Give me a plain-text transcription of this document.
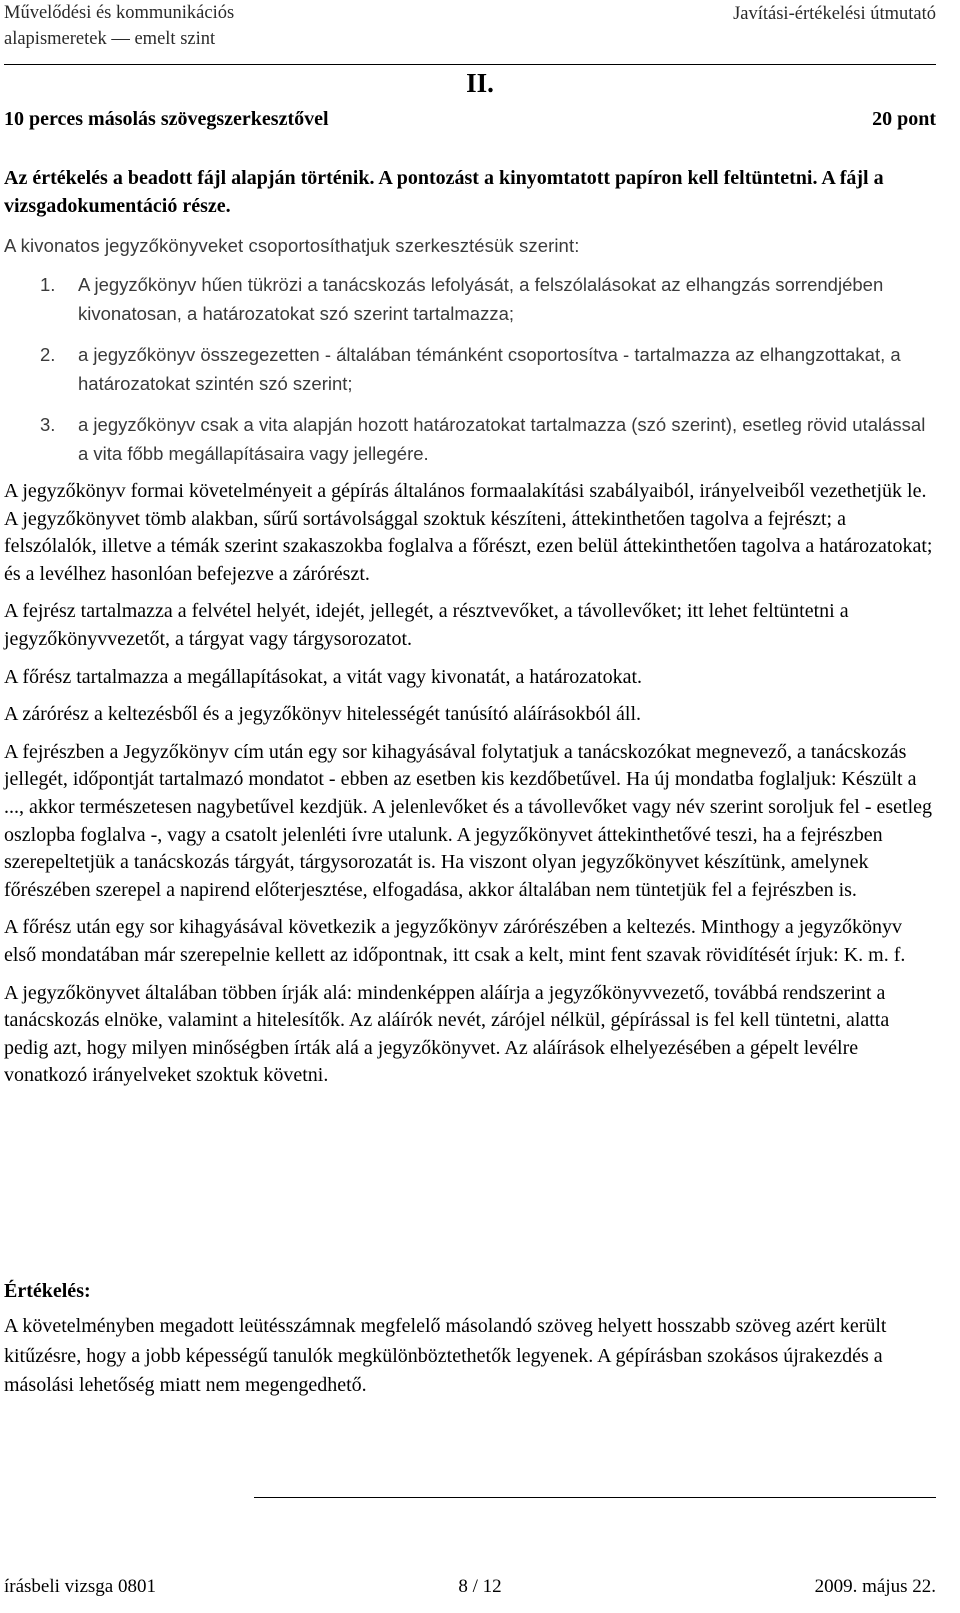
Művelődési és kommunikációs
alapismeretek — emelt szint
Javítási-értékelési útmutató
II.
10 perces másolás szövegszerkesztővel	20 pont
Az értékelés a beadott fájl alapján történik. A pontozást a kinyomtatott papíron kell feltüntetni. A fájl a vizsgadokumentáció része.
A kivonatos jegyzőkönyveket csoportosíthatjuk szerkesztésük szerint:
1. A jegyzőkönyv hűen tükrözi a tanácskozás lefolyását, a felszólalásokat az elhangzás sorrendjében kivonatosan, a határozatokat szó szerint tartalmazza;
2. a jegyzőkönyv összegezetten - általában témánként csoportosítva - tartalmazza az elhangzottakat, a határozatokat szintén szó szerint;
3. a jegyzőkönyv csak a vita alapján hozott határozatokat tartalmazza (szó szerint), esetleg rövid utalással a vita főbb megállapításaira vagy jellegére.

A jegyzőkönyv formai követelményeit a gépírás általános formaalakítási szabályaiból, irányelveiből vezethetjük le. A jegyzőkönyvet tömb alakban, sűrű sortávolsággal szoktuk készíteni, áttekinthetően tagolva a fejrészt; a felszólalók, illetve a témák szerint szakaszokba foglalva a főrészt, ezen belül áttekinthetően tagolva a határozatokat; és a levélhez hasonlóan befejezve a zárórészt.

A fejrész tartalmazza a felvétel helyét, idejét, jellegét, a résztvevőket, a távollevőket; itt lehet feltüntetni a jegyzőkönyvvezetőt, a tárgyat vagy tárgysorozatot.

A főrész tartalmazza a megállapításokat, a vitát vagy kivonatát, a határozatokat.

A zárórész a keltezésből és a jegyzőkönyv hitelességét tanúsító aláírásokból áll.

A fejrészben a Jegyzőkönyv cím után egy sor kihagyásával folytatjuk a tanácskozókat megnevező, a tanácskozás jellegét, időpontját tartalmazó mondatot - ebben az esetben kis kezdőbetűvel. Ha új mondatba foglaljuk: Készült a ..., akkor természetesen nagybetűvel kezdjük. A jelenlevőket és a távollevőket vagy név szerint soroljuk fel - esetleg oszlopba foglalva -, vagy a csatolt jelenléti ívre utalunk. A jegyzőkönyvet áttekinthetővé teszi, ha a fejrészben szerepeltetjük a tanácskozás tárgyát, tárgysorozatát is. Ha viszont olyan jegyzőkönyvet készítünk, amelynek főrészében szerepel a napirend előterjesztése, elfogadása, akkor általában nem tüntetjük fel a fejrészben is.

A főrész után egy sor kihagyásával következik a jegyzőkönyv zárórészében a keltezés. Minthogy a jegyzőkönyv első mondatában már szerepelnie kellett az időpontnak, itt csak a kelt, mint fent szavak rövidítését írjuk: K. m. f.

A jegyzőkönyvet általában többen írják alá: mindenképpen aláírja a jegyzőkönyvvezető, továbbá rendszerint a tanácskozás elnöke, valamint a hitelesítők. Az aláírók nevét, zárójel nélkül, gépírással is fel kell tüntetni, alatta pedig azt, hogy milyen minőségben írták alá a jegyzőkönyvet. Az aláírások elhelyezésében a gépelt levélre vonatkozó irányelveket szoktuk követni.

Értékelés:
A követelményben megadott leütésszámnak megfelelő másolandó szöveg helyett hosszabb szöveg azért került kitűzésre, hogy a jobb képességű tanulók megkülönböztethetők legyenek. A gépírásban szokásos újrakezdés a másolási lehetőség miatt nem megengedhető.
írásbeli vizsga 0801	8 / 12	2009. május 22.
